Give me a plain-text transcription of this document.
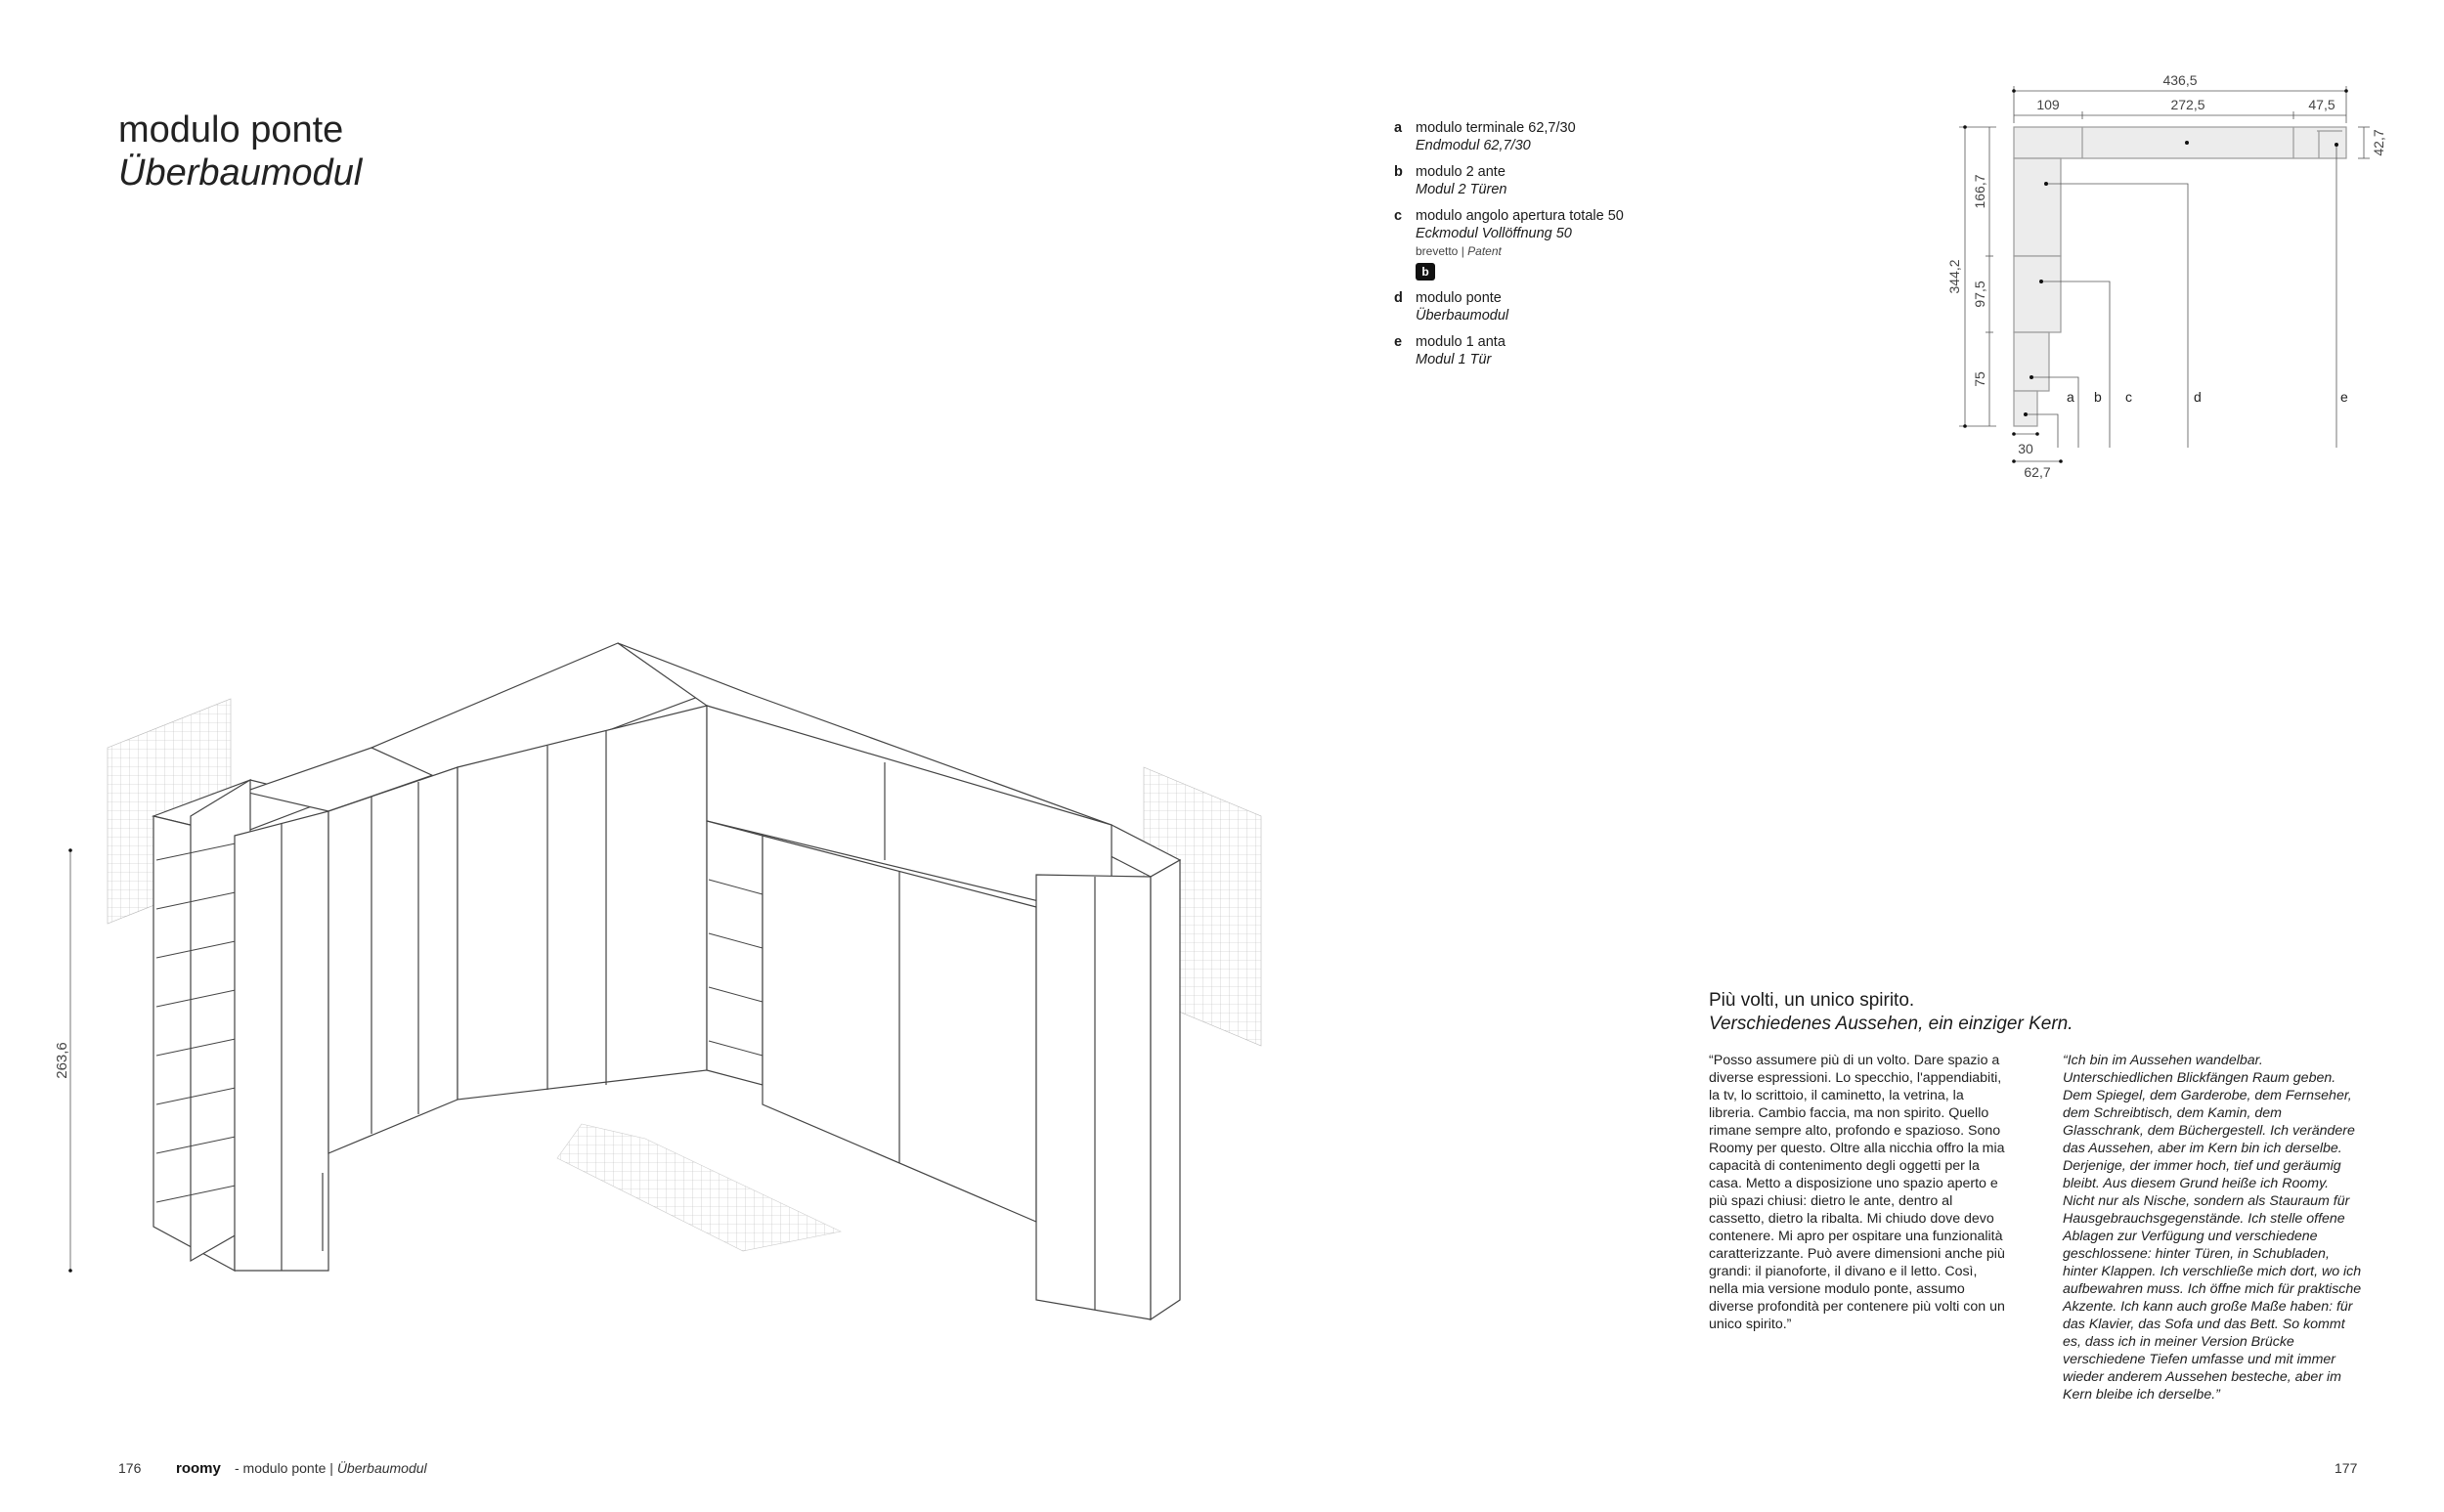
modulo ponte
Überbaumodul
a modulo terminale 62,7/30
Endmodul 62,7/30
b modulo 2 ante
Modul 2 Türen
c modulo angolo apertura totale 50
Eckmodul Vollöffnung 50
brevetto | Patent
b
d modulo ponte
Überbaumodul
e modulo 1 anta
Modul 1 Tür
436,5
109	272,5	47,5
42,7
344,2
166,7
97,5
75
30
62,7
a b c	d	e
263,6
Più volti, un unico spirito.
Verschiedenes Aussehen, ein einziger Kern.
“Posso assumere più di un volto. Dare spazio a diverse espressioni. Lo specchio, l'appendiabiti, la tv, lo scrittoio, il caminetto, la vetrina, la libreria. Cambio faccia, ma non spirito. Quello rimane sempre alto, profondo e spazioso. Sono Roomy per questo. Oltre alla nicchia offro la mia capacità di contenimento degli oggetti per la casa. Metto a disposizione uno spazio aperto e più spazi chiusi: dietro le ante, dentro al cassetto, dietro la ribalta. Mi chiudo dove devo contenere. Mi apro per ospitare una funzionalità caratterizzante. Può avere dimensioni anche più grandi: il pianoforte, il divano e il letto. Così, nella mia versione modulo ponte, assumo diverse profondità per contenere più volti con un unico spirito.”
“Ich bin im Aussehen wandelbar. Unterschiedlichen Blickfängen Raum geben. Dem Spiegel, dem Garderobe, dem Fernseher, dem Schreibtisch, dem Kamin, dem Glasschrank, dem Büchergestell. Ich verändere das Aussehen, aber im Kern bin ich derselbe. Derjenige, der immer hoch, tief und geräumig bleibt. Aus diesem Grund heiße ich Roomy. Nicht nur als Nische, sondern als Stauraum für Hausgebrauchsgegenstände. Ich stelle offene Ablagen zur Verfügung und verschiedene geschlossene: hinter Türen, in Schubladen, hinter Klappen. Ich verschließe mich dort, wo ich aufbewahren muss. Ich öffne mich für praktische Akzente. Ich kann auch große Maße haben: für das Klavier, das Sofa und das Bett. So kommt es, dass ich in meiner Version Brücke verschiedene Tiefen umfasse und mit immer wieder anderem Aussehen besteche, aber im Kern bleibe ich derselbe.”
176 roomy - modulo ponte | Überbaumodul	177
